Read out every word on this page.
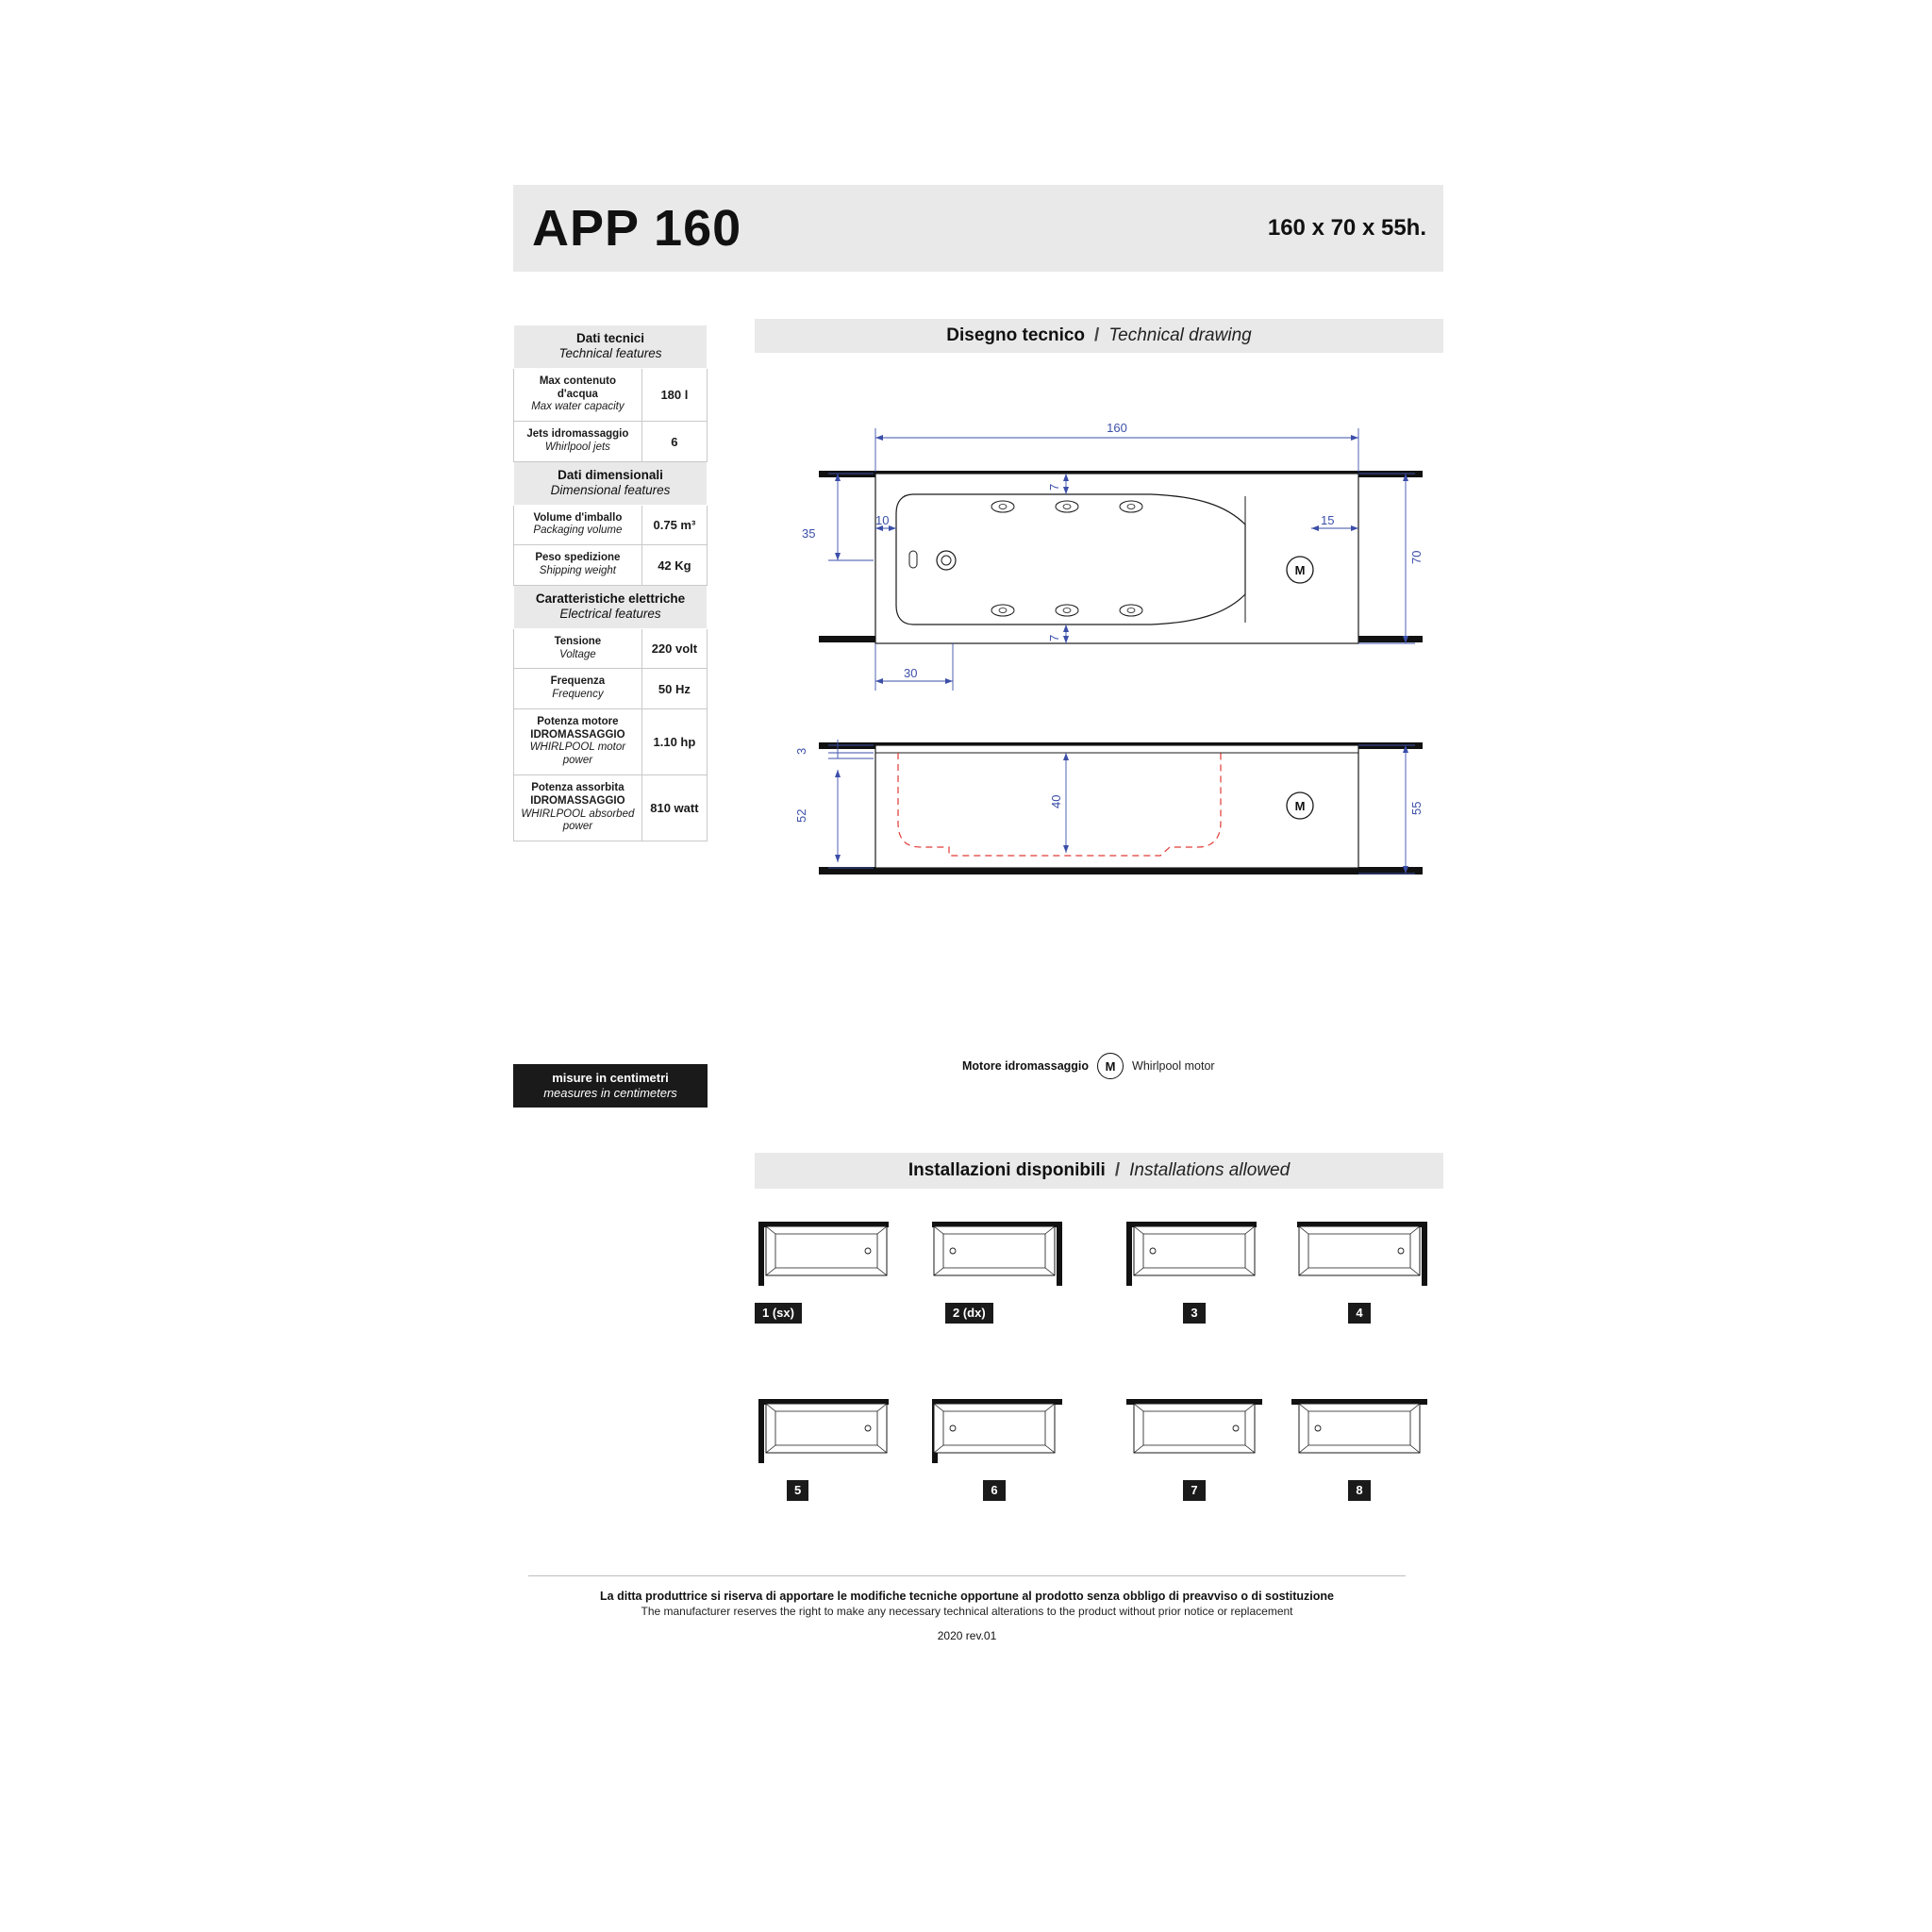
APP 160	160 x 70 x 55h.
Dati tecnici
Technical features	

Max contenuto d'acqua
Max water capacity	180 l

Jets idromassaggio
Whirlpool jets	6

Dati dimensionali
Dimensional features	

Volume d'imballo
Packaging volume	0.75 m³

Peso spedizione
Shipping weight	42 Kg

Caratteristiche elettriche
Electrical features	

Tensione
Voltage	220 volt

Frequenza
Frequency	50 Hz

Potenza motore IDROMASSAGGIO
WHIRLPOOL motor power	1.10 hp

Potenza assorbita IDROMASSAGGIO
WHIRLPOOL absorbed power	810 watt
misure in centimetri
measures in centimeters
Disegno tecnico / Technical drawing
M
160
35
10
7
7
15
70
30
M
3
52
40	55
Motore idromassaggio	M	Whirlpool motor
Installazioni disponibili / Installations allowed
1 (sx)	2 (dx)	3	4
5	6	7	8
La ditta produttrice si riserva di apportare le modifiche tecniche opportune al prodotto senza obbligo di preavviso o di sostituzione
The manufacturer reserves the right to make any necessary technical alterations to the product without prior notice or replacement
2020 rev.01
